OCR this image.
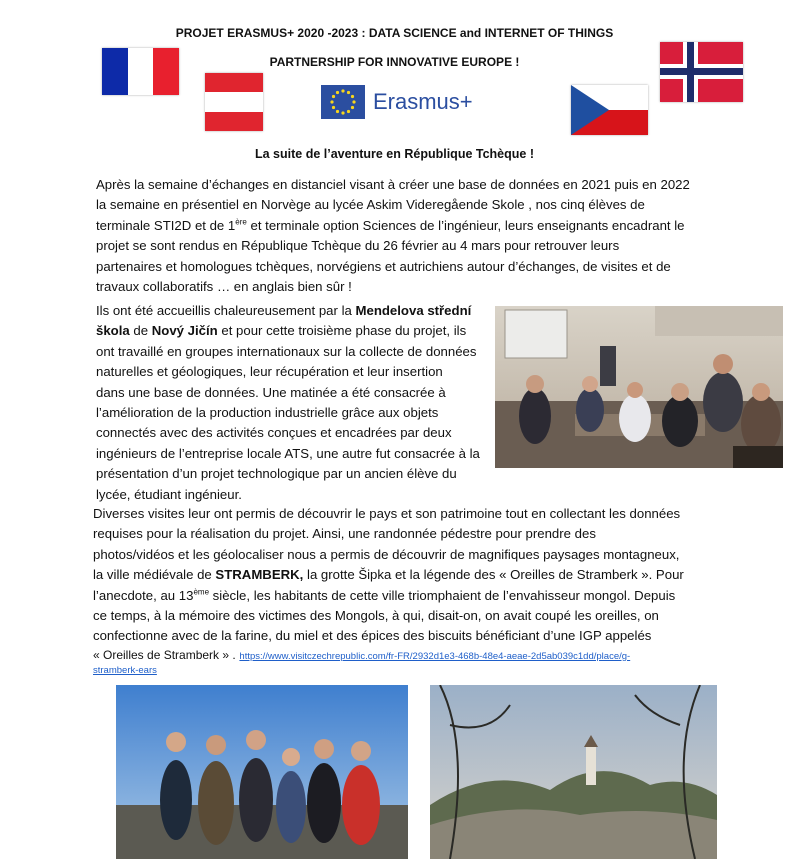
PROJET ERASMUS+ 2020 -2023 : DATA SCIENCE and INTERNET OF THINGS
PARTNERSHIP FOR INNOVATIVE EUROPE !
Erasmus+
La suite de l’aventure en République Tchèque !
Après la semaine d’échanges en distanciel visant à créer une base de données en 2021 puis en 2022
la semaine en présentiel en Norvège au lycée Askim Videregående Skole , nos cinq élèves de
terminale STI2D et de 1ère et terminale option Sciences de l’ingénieur, leurs enseignants encadrant le
projet se sont rendus en République Tchèque du 26 février au 4 mars pour retrouver leurs
partenaires et homologues tchèques, norvégiens et autrichiens autour d’échanges, de visites et de
travaux collaboratifs … en anglais bien sûr !
Ils ont été accueillis chaleureusement par la Mendelova střední
škola de Nový Jičín et pour cette troisième phase du projet, ils
ont travaillé en groupes internationaux sur la collecte de données
naturelles et géologiques, leur récupération et leur insertion
dans une base de données. Une matinée a été consacrée à
l’amélioration de la production industrielle grâce aux objets
connectés avec des activités conçues et encadrées par deux
ingénieurs de l’entreprise locale ATS, une autre fut consacrée à la
présentation d’un projet technologique par un ancien élève du
lycée, étudiant ingénieur.
Diverses visites leur ont permis de découvrir le pays et son patrimoine tout en collectant les données
requises pour la réalisation du projet. Ainsi, une randonnée pédestre pour prendre des
photos/vidéos et les géolocaliser nous a permis de découvrir de magnifiques paysages montagneux,
la ville médiévale de STRAMBERK, la grotte Šipka et la légende des « Oreilles de Stramberk ». Pour
l’anecdote, au 13ème siècle, les habitants de cette ville triomphaient de l’envahisseur mongol. Depuis
ce temps, à la mémoire des victimes des Mongols, à qui, disait-on, on avait coupé les oreilles, on
confectionne avec de la farine, du miel et des épices des biscuits bénéficiant d’une IGP appelés
« Oreilles de Stramberk » . https://www.visitczechrepublic.com/fr-FR/2932d1e3-468b-48e4-aeae-2d5ab039c1dd/place/g-
stramberk-ears
